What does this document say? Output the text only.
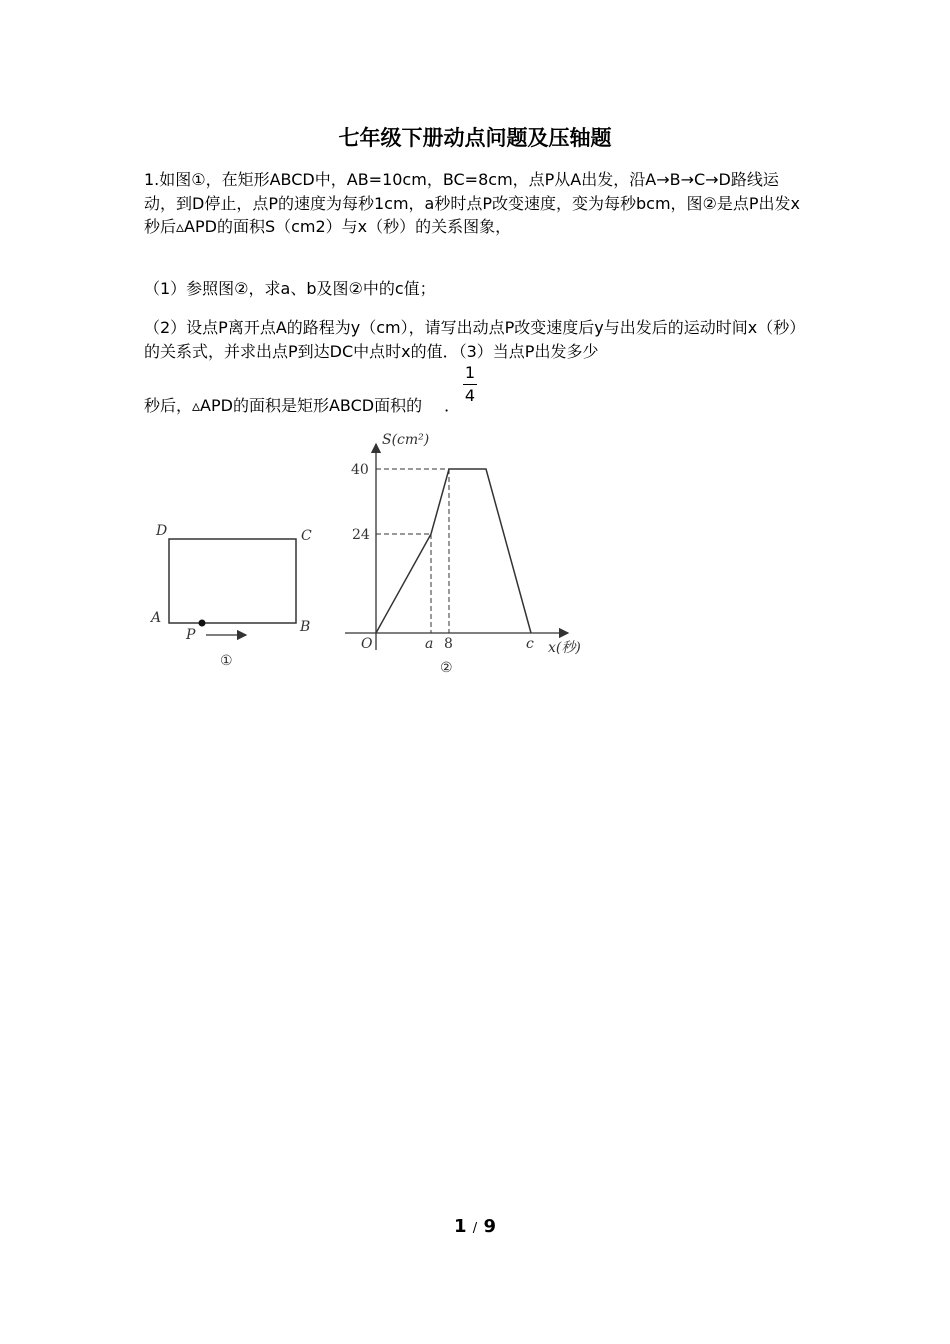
七年级下册动点问题及压轴题
1.如图①，在矩形ABCD中，AB=10cm，BC=8cm，点P从A出发，沿A→B→C→D路线运动，到D停止，点P的速度为每秒1cm，a秒时点P改变速度，变为每秒bcm，图②是点P出发x秒后▵APD的面积S（cm2）与x（秒）的关系图象，
（1）参照图②，求a、b及图②中的c值；
（2）设点P离开点A的路程为y（cm），请写出动点P改变速度后y与出发后的运动时间x（秒）的关系式，并求出点P到达DC中点时x的值．（3）当点P出发多少
秒后，▵APD的面积是矩形ABCD面积的 ．
1
4
D	C
A
B
P
①
S(cm²)
x(秒)
O
40
24
a 8	c
②
1 / 9
